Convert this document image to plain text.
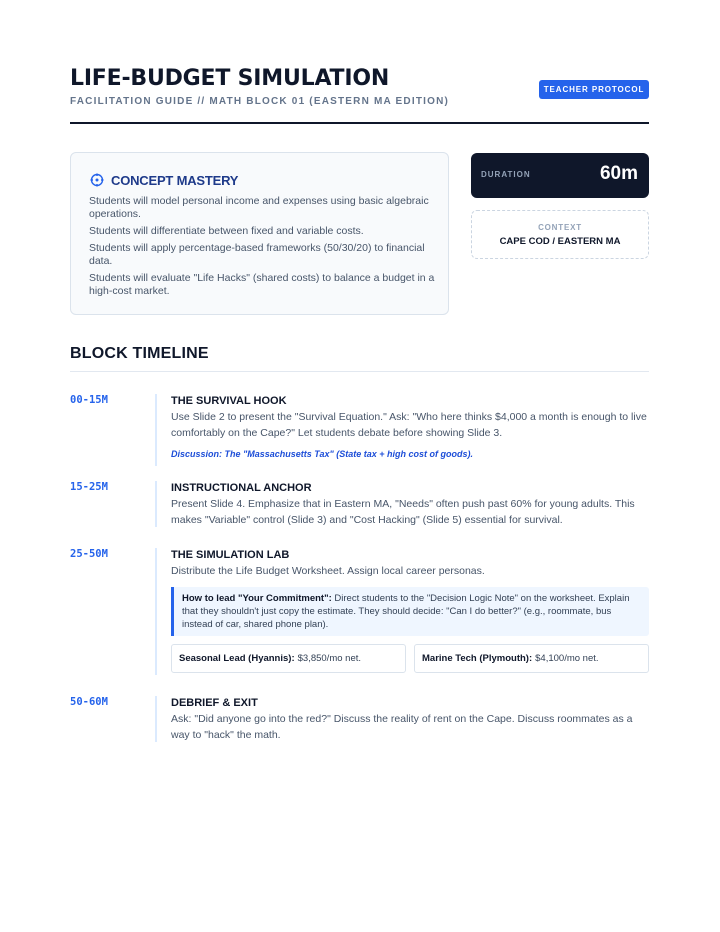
LIFE-BUDGET SIMULATION
FACILITATION GUIDE // MATH BLOCK 01 (EASTERN MA EDITION)
TEACHER PROTOCOL
CONCEPT MASTERY
Students will model personal income and expenses using basic algebraic operations.
Students will differentiate between fixed and variable costs.
Students will apply percentage-based frameworks (50/30/20) to financial data.
Students will evaluate "Life Hacks" (shared costs) to balance a budget in a high-cost market.
DURATION	60m
CONTEXT
CAPE COD / EASTERN MA
BLOCK TIMELINE
00-15M	THE SURVIVAL HOOK
Use Slide 2 to present the "Survival Equation." Ask: "Who here thinks $4,000 a month is enough to live comfortably on the Cape?" Let students debate before showing Slide 3.
Discussion: The "Massachusetts Tax" (State tax + high cost of goods).
15-25M	INSTRUCTIONAL ANCHOR
Present Slide 4. Emphasize that in Eastern MA, "Needs" often push past 60% for young adults. This makes "Variable" control (Slide 3) and "Cost Hacking" (Slide 5) essential for survival.
25-50M	THE SIMULATION LAB
Distribute the Life Budget Worksheet. Assign local career personas.
How to lead "Your Commitment": Direct students to the "Decision Logic Note" on the worksheet. Explain that they shouldn't just copy the estimate. They should decide: "Can I do better?" (e.g., roommate, bus instead of car, shared phone plan).
Seasonal Lead (Hyannis): $3,850/mo net.	Marine Tech (Plymouth): $4,100/mo net.
50-60M	DEBRIEF & EXIT
Ask: "Did anyone go into the red?" Discuss the reality of rent on the Cape. Discuss roommates as a way to "hack" the math.
